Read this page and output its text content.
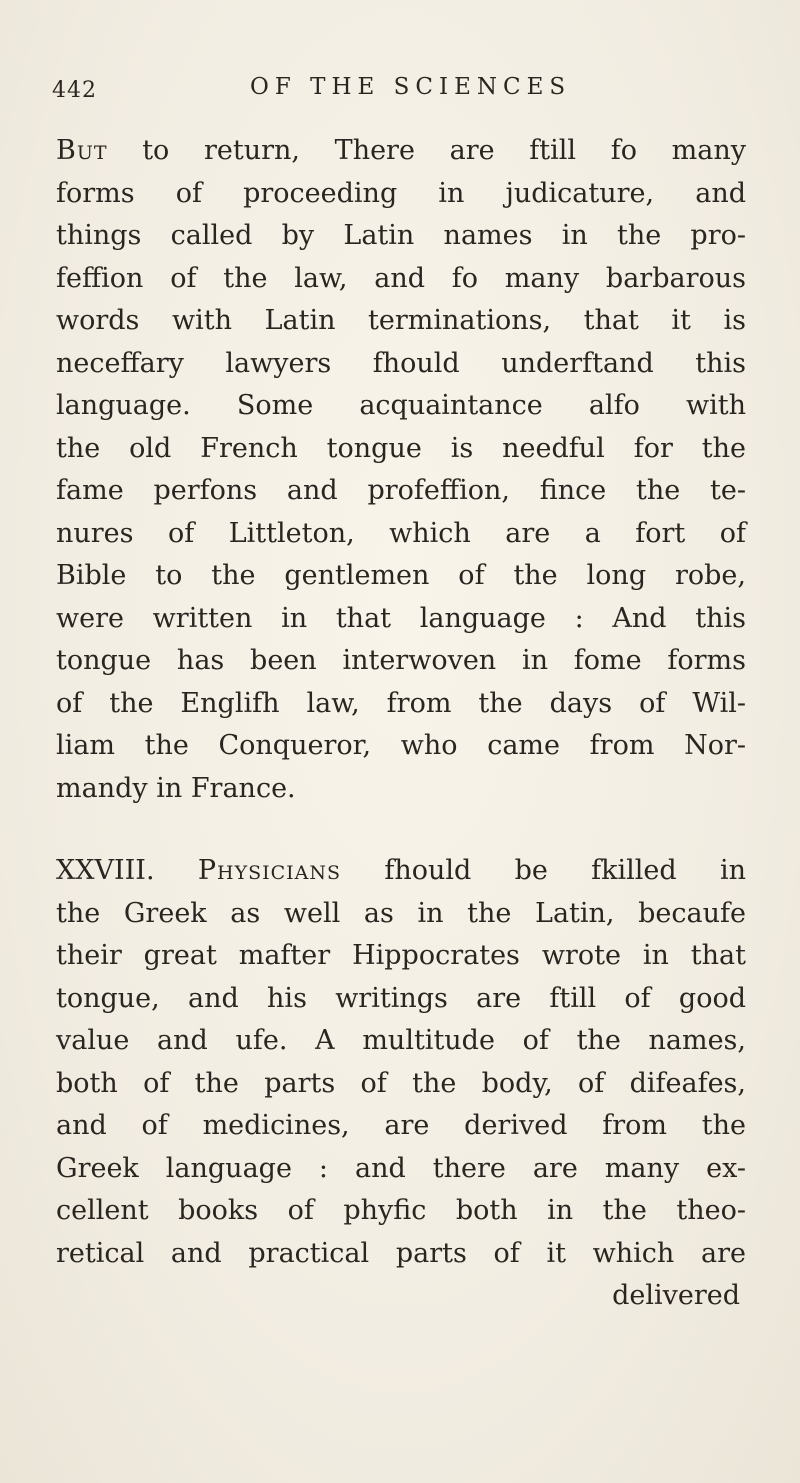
442	OF THE SCIENCES
But to return, There are ftill fo many
forms of proceeding in judicature, and
things called by Latin names in the pro-
feffion of the law, and fo many barbarous
words with Latin terminations, that it is
neceffary lawyers fhould underftand this
language. Some acquaintance alfo with
the old French tongue is needful for the
fame perfons and profeffion, fince the te-
nures of Littleton, which are a fort of
Bible to the gentlemen of the long robe,
were written in that language : And this
tongue has been interwoven in fome forms
of the Englifh law, from the days of Wil-
liam the Conqueror, who came from Nor-
mandy in France.
XXVIII. Physicians fhould be fkilled in
the Greek as well as in the Latin, becaufe
their great mafter Hippocrates wrote in that
tongue, and his writings are ftill of good
value and ufe. A multitude of the names,
both of the parts of the body, of difeafes,
and of medicines, are derived from the
Greek language : and there are many ex-
cellent books of phyfic both in the theo-
retical and practical parts of it which are
delivered
